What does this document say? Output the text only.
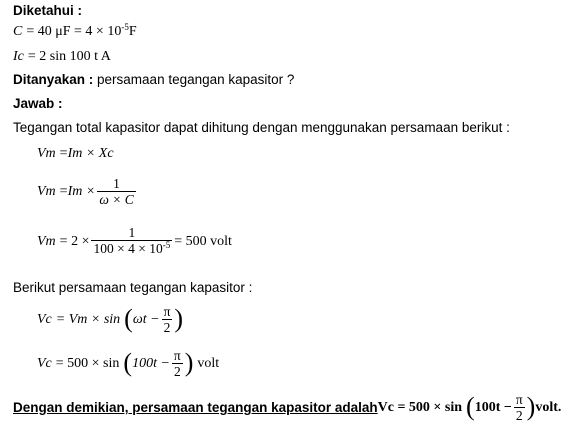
Diketahui :
C = 40 μF = 4 × 10 -5 F
Ic = 2 sin 100 t A
Ditanyakan : persamaan tegangan kapasitor ?
Jawab :
Tegangan total kapasitor dapat dihitung dengan menggunakan persamaan berikut :
Vm = Im × Xc
$Vm = Im \times \frac{1}{\omega \times C}$
$Vm = 2 \times \frac{1}{100 \times 4 \times 10^{-5}} = 500$ volt
Berikut persamaan tegangan kapasitor :
Vc = Vm × sin ( $\omega t - \frac{\pi}{2}$ )
Vc = 500 × sin ( $100t - \frac{\pi}{2}$ ) volt
Dengan demikian, persamaan tegangan kapasitor adalah Vc = 500 × sin ( $100t - \frac{\pi}{2}$ ) volt.
